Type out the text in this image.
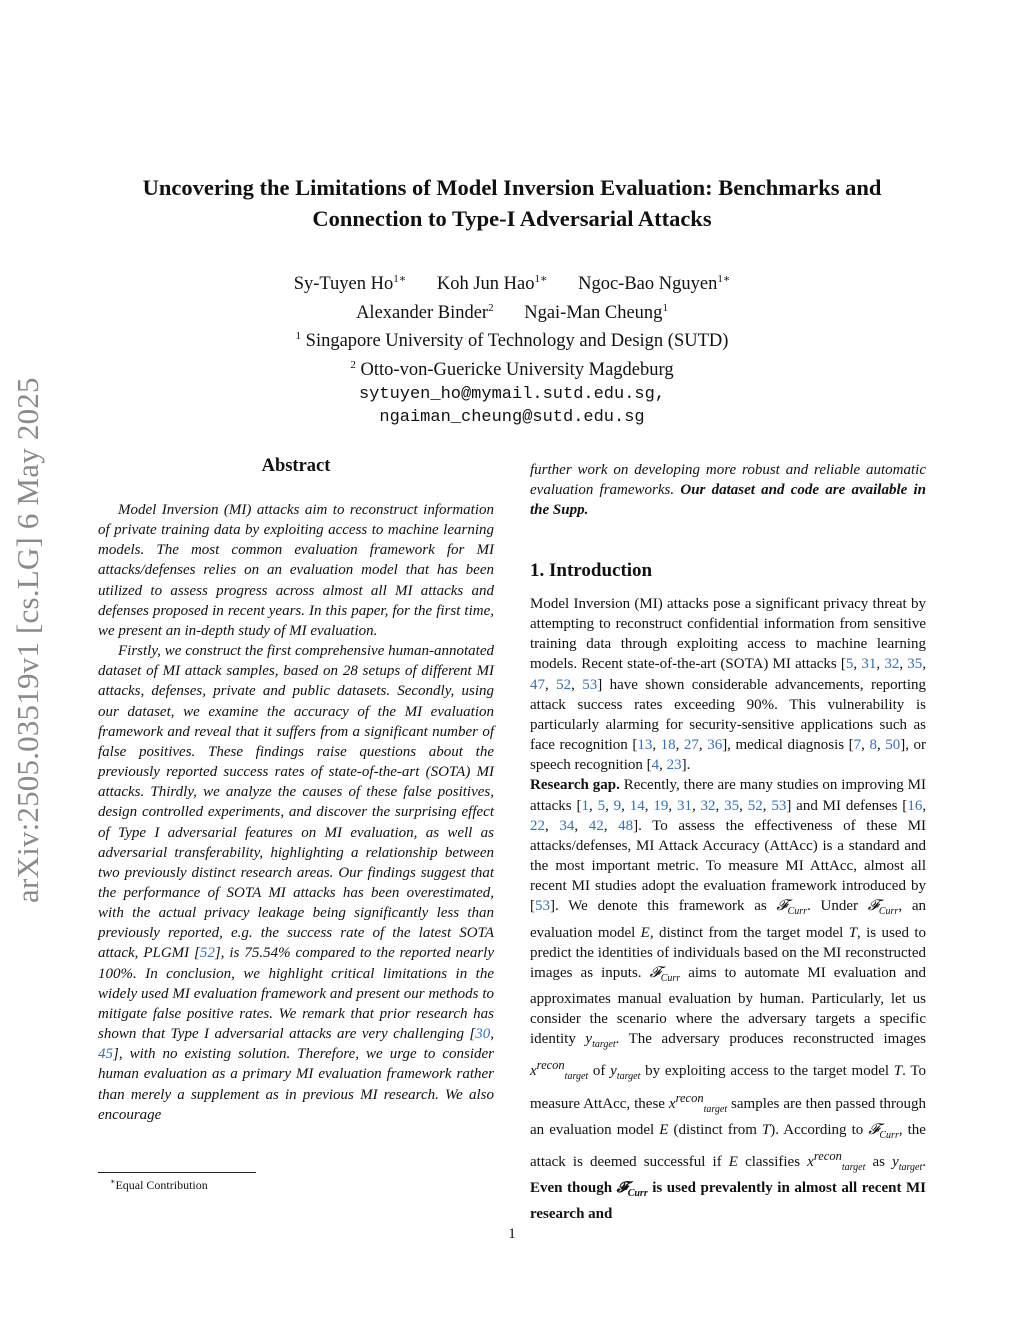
arXiv:2505.03519v1 [cs.LG] 6 May 2025
Uncovering the Limitations of Model Inversion Evaluation: Benchmarks and
Connection to Type-I Adversarial Attacks
Sy-Tuyen $Ho^{1∗}$ Koh Jun Hao$^{1∗}$ Ngoc-Bao Nguyen$^{1∗}$
Alexander Binder$^2$ Ngai-Man Cheung$^1$
$^1$ Singapore University of Technology and Design (SUTD)
$^2$ Otto-von-Guericke University Magdeburg
sytuyen_ho@mymail.sutd.edu.sg,
ngaiman_cheung@sutd.edu.sg
Abstract

Model Inversion (MI) attacks aim to reconstruct information of private training data by exploiting access to machine learning models. The most common evaluation framework for MI attacks/defenses relies on an evaluation model that has been utilized to assess progress across almost all MI attacks and defenses proposed in recent years. In this paper, for the first time, we present an in-depth study of MI evaluation.

Firstly, we construct the first comprehensive human-annotated dataset of MI attack samples, based on 28 setups of different MI attacks, defenses, private and public datasets. Secondly, using our dataset, we examine the accuracy of the MI evaluation framework and reveal that it suffers from a significant number of false positives. These findings raise questions about the previously reported success rates of state-of-the-art (SOTA) MI attacks. Thirdly, we analyze the causes of these false positives, design controlled experiments, and discover the surprising effect of Type I adversarial features on MI evaluation, as well as adversarial transferability, highlighting a relationship between two previously distinct research areas. Our findings suggest that the performance of SOTA MI attacks has been overestimated, with the actual privacy leakage being significantly less than previously reported, e.g. the success rate of the latest SOTA attack, PLGMI [52], is 75.54% compared to the reported nearly 100%. In conclusion, we highlight critical limitations in the widely used MI evaluation framework and present our methods to mitigate false positive rates. We remark that prior research has shown that Type I adversarial attacks are very challenging [30, 45], with no existing solution. Therefore, we urge to consider human evaluation as a primary MI evaluation framework rather than merely a supplement as in previous MI research. We also encourage

further work on developing more robust and reliable automatic evaluation frameworks. Our dataset and code are available in the Supp.
1. Introduction

Model Inversion (MI) attacks pose a significant privacy threat by attempting to reconstruct confidential information from sensitive training data through exploiting access to machine learning models. Recent state-of-the-art (SOTA) MI attacks [5, 31, 32, 35, 47, 52, 53] have shown considerable advancements, reporting attack success rates exceeding 90%. This vulnerability is particularly alarming for security-sensitive applications such as face recognition [13, 18, 27, 36], medical diagnosis [7, 8, 50], or speech recognition [4, 23].

Research gap. Recently, there are many studies on improving MI attacks [1, 5, 9, 14, 19, 31, 32, 35, 52, 53] and MI defenses [16, 22, 34, 42, 48]. To assess the effectiveness of these MI attacks/defenses, MI Attack Accuracy (AttAcc) is a standard and the most important metric. To measure MI AttAcc, almost all recent MI studies adopt the evaluation framework introduced by [53]. We denote this framework as 𝓕$_{Curr}$. Under 𝓕$_{Curr}$, an evaluation model E, distinct from the target model T, is used to predict the identities of individuals based on the MI reconstructed images as inputs. 𝓕$_{Curr}$ aims to automate MI evaluation and approximates manual evaluation by human. Particularly, let us consider the scenario where the adversary targets a specific identity $y_{target}$. The adversary produces reconstructed images $x^{recon}_{target}$ of $y_{target}$ by exploiting access to the target model T. To measure AttAcc, these $x^{recon}_{target}$ samples are then passed through an evaluation model E (distinct from T). According to 𝓕$_{Curr}$, the attack is deemed successful if E classifies $x^{recon}_{target}$ as $y_{target}$. Even though 𝓕$_{Curr}$ is used prevalently in almost all recent MI research and

∗Equal Contribution
1
